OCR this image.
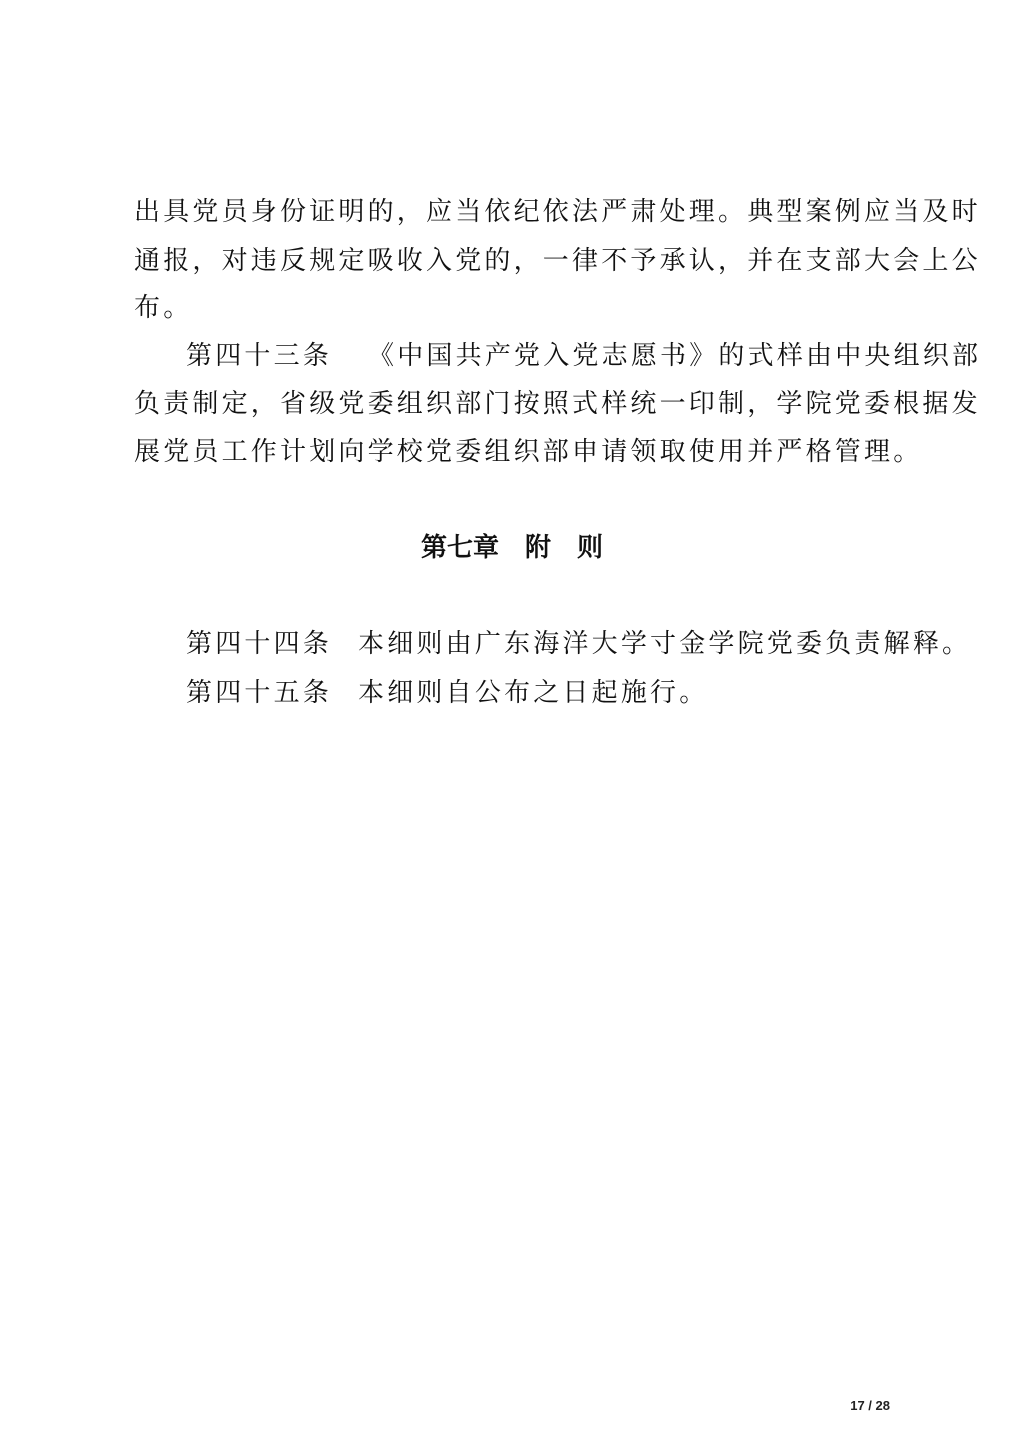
出具党员身份证明的，应当依纪依法严肃处理。典型案例应当及时
通报，对违反规定吸收入党的，一律不予承认，并在支部大会上公
布。
第四十三条 《中国共产党入党志愿书》的式样由中央组织部
负责制定，省级党委组织部门按照式样统一印制，学院党委根据发
展党员工作计划向学校党委组织部申请领取使用并严格管理。
第七章　附　则
第四十四条 本细则由广东海洋大学寸金学院党委负责解释。
第四十五条 本细则自公布之日起施行。
17 / 28
